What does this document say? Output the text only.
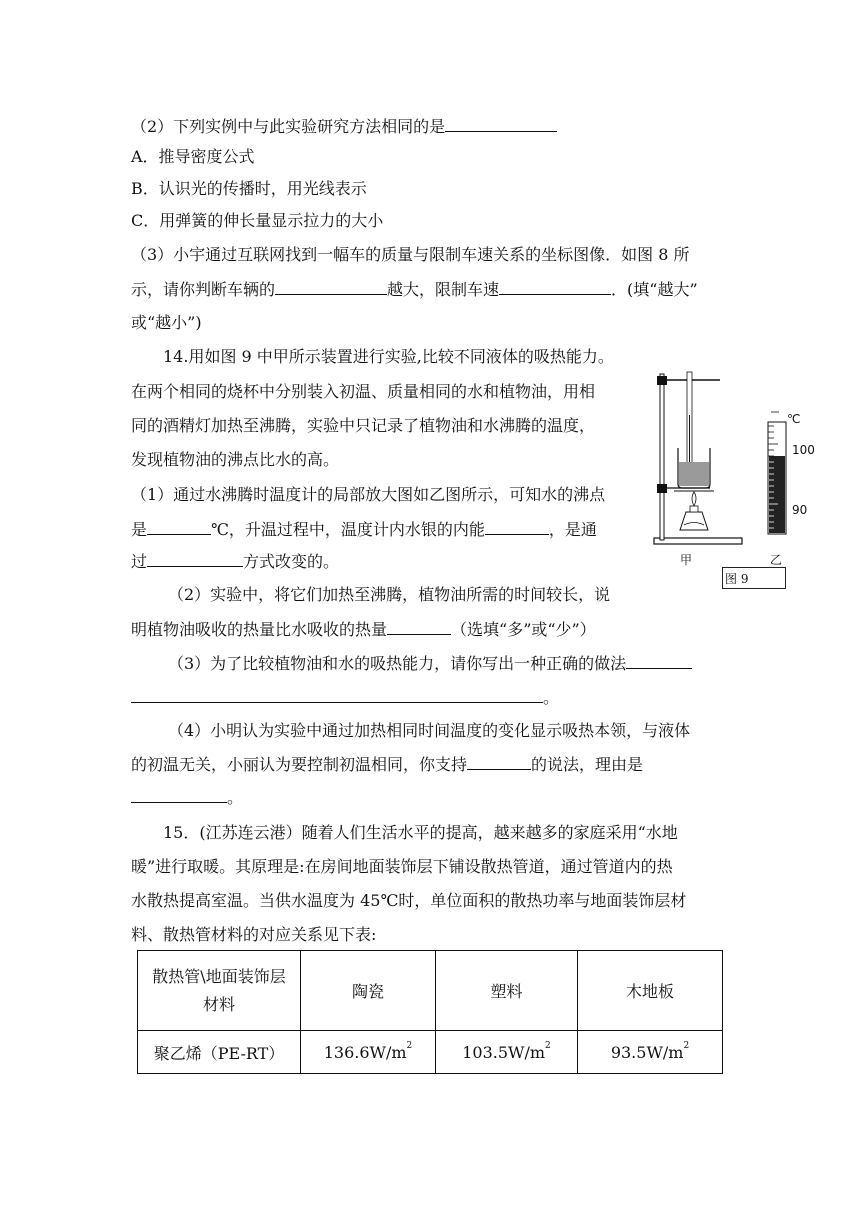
（2）下列实例中与此实验研究方法相同的是
A．推导密度公式
B．认识光的传播时，用光线表示
C．用弹簧的伸长量显示拉力的大小
（3）小宇通过互联网找到一幅车的质量与限制车速关系的坐标图像．如图 8 所
示，请你判断车辆的	越大，限制车速	．(填“越大”
或“越小”)
14.用如图 9 中甲所示装置进行实验,比较不同液体的吸热能力。
在两个相同的烧杯中分别装入初温、质量相同的水和植物油，用相
同的酒精灯加热至沸腾，实验中只记录了植物油和水沸腾的温度，
发现植物油的沸点比水的高。
（1）通过水沸腾时温度计的局部放大图如乙图所示，可知水的沸点
是	℃，升温过程中，温度计内水银的内能	，是通
过	方式改变的。
（2）实验中，将它们加热至沸腾，植物油所需的时间较长，说
明植物油吸收的热量比水吸收的热量	（选填“多”或“少”）
（3）为了比较植物油和水的吸热能力，请你写出一种正确的做法
。
（4）小明认为实验中通过加热相同时间温度的变化显示吸热本领，与液体
的初温无关，小丽认为要控制初温相同，你支持	的说法，理由是
。
℃
100
90
甲	乙
图 9
15．(江苏连云港）随着人们生活水平的提高，越来越多的家庭采用“水地
暖”进行取暖。其原理是:在房间地面装饰层下铺设散热管道，通过管道内的热
水散热提高室温。当供水温度为 45℃时，单位面积的散热功率与地面装饰层材
料、散热管材料的对应关系见下表:
散热管\地面装饰层
材料	陶瓷	塑料	木地板
聚乙烯（PE-RT）	$136.6W/m^2$	$103.5W/m^2$	$93.5W/m^2$
